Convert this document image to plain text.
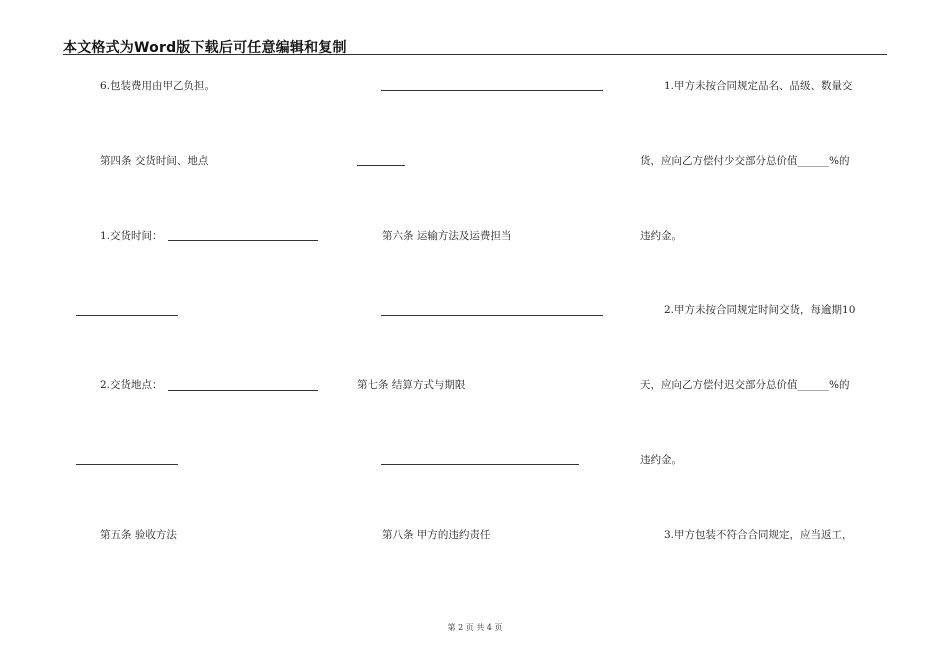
本文格式为Word版下载后可任意编辑和复制
6.包装费用由甲乙负担。
第四条 交货时间、地点
1.交货时间：
2.交货地点：
第五条 验收方法
第六条 运输方法及运费担当
第七条 结算方式与期限
第八条 甲方的违约责任
1.甲方未按合同规定品名、品级、数量交
货，应向乙方偿付少交部分总价值______%的
违约金。
2.甲方未按合同规定时间交货，每逾期10
天，应向乙方偿付迟交部分总价值______%的
违约金。
3.甲方包装不符合合同规定，应当返工，
第 2 页 共 4 页
